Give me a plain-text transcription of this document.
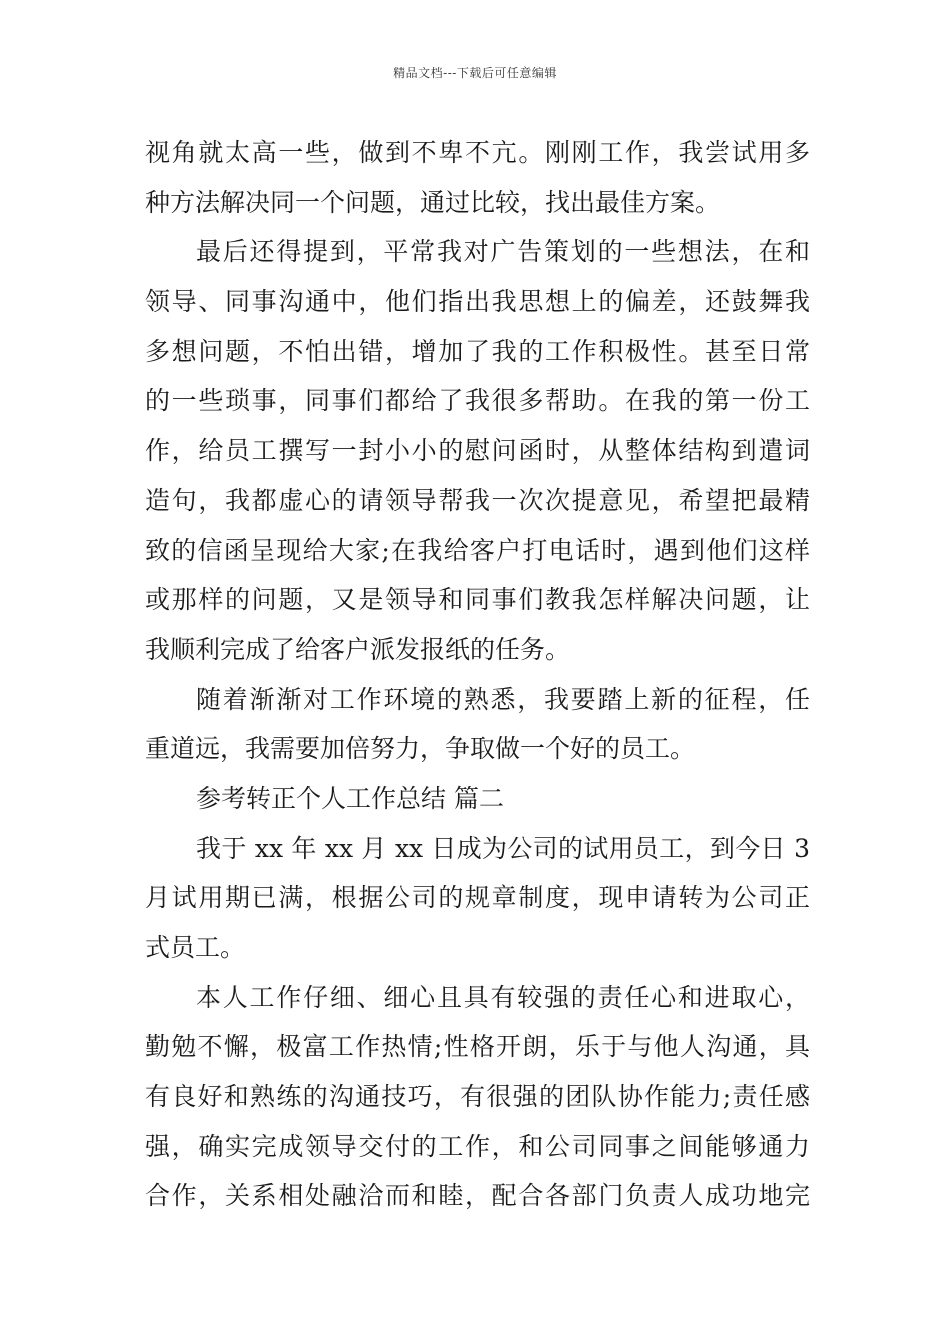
精品文档---下载后可任意编辑
视角就太高一些，做到不卑不亢。刚刚工作，我尝试用多
种方法解决同一个问题，通过比较，找出最佳方案。
最后还得提到，平常我对广告策划的一些想法，在和
领导、同事沟通中，他们指出我思想上的偏差，还鼓舞我
多想问题，不怕出错，增加了我的工作积极性。甚至日常
的一些琐事，同事们都给了我很多帮助。在我的第一份工
作，给员工撰写一封小小的慰问函时，从整体结构到遣词
造句，我都虚心的请领导帮我一次次提意见，希望把最精
致的信函呈现给大家;在我给客户打电话时，遇到他们这样
或那样的问题，又是领导和同事们教我怎样解决问题，让
我顺利完成了给客户派发报纸的任务。
随着渐渐对工作环境的熟悉，我要踏上新的征程，任
重道远，我需要加倍努力，争取做一个好的员工。
参考转正个人工作总结 篇二
我于 xx 年 xx 月 xx 日成为公司的试用员工，到今日 3
月试用期已满，根据公司的规章制度，现申请转为公司正
式员工。
本人工作仔细、细心且具有较强的责任心和进取心，
勤勉不懈，极富工作热情;性格开朗，乐于与他人沟通，具
有良好和熟练的沟通技巧，有很强的团队协作能力;责任感
强，确实完成领导交付的工作，和公司同事之间能够通力
合作，关系相处融洽而和睦，配合各部门负责人成功地完
